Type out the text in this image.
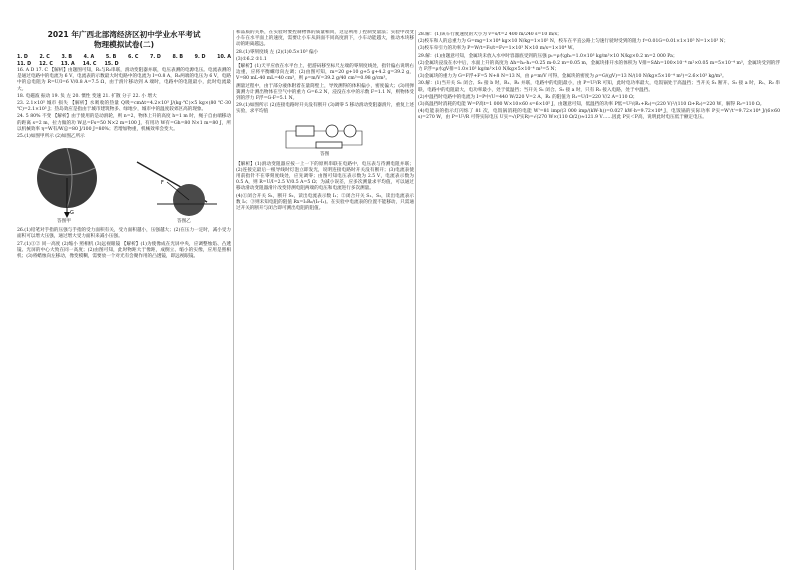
2021 年广西北部湾经济区初中学业水平考试
物理模拟试卷(二)
1. D 2. C 3. B 4. A 5. B 6. C 7. D 8. B 9. D 10. A
11. D 12. C 13. A 14. C 15. D

16. A D 17. C 【解析】由题图可知，R₁与R₂串联，滑动变阻器并联，电压表测的电源电压。电流表测的是通过电路中的电流为 6 V，电流表的示数最大时电路中的电流为 I=0.8 A，R₂两端的电压为 6 V，电路中的总电阻为 R=U/I=6 V/0.8 A=7.5 Ω，由于滑片移动到 A 端时，电路中的电阻最小，此时电流最大。

18. 电磁波 振动 19. 负 左 20. 惯性 变速 21. 扩散 分子 22. 小 增大

23. 2.1×10⁵ 城市 损失 【解析】水吸收的热量 Q吸=cmΔt=4.2×10³ J/(kg·℃)×5 kg×(80 ℃-30 ℃)=2.1×10⁵ J；热岛效应是指由于城市建筑物多、绿地少，城市中的温度较郊区高的现象。

24. 5 80% 不变 【解析】由于使用的是动滑轮，则 n=2，物体上升的高度 h=1 m 时，绳子自由端移动的距离 s=2 m，拉力做的功 W总=Fs=50 N×2 m=100 J，有用功 W有=Gh=80 N×1 m=80 J，所以机械效率 η=W有/W总=80 J/100 J=80%；若增加物重，机械效率会变大。

25.(1)如图甲所示 (2)如图乙所示

G
F
答图甲	答图乙

26.(1)铅笔对手指的压强与手指的受力面积有关，受力面积越小，压强越大；(2)在压力一定时，减小受力面积可以增大压强，通过增大受力面积来减小压强。

27.(1)①② 同一高度 (2)缩小 照相机 (3)远视眼镜 【解析】(1)为使像成在光屏中央，应调整烛焰、凸透镜、光屏的中心大致在同一高度；(2)由图可知，此时物距大于像距，成倒立、缩小的实像，应用是照相机；(3)将蜡烛向左移动，像变模糊，需要放一个对光有会聚作用的凸透镜，即远视眼镜。

和品质的关系，在实验时要控制物体的质量相同，这是利用了控制变量法；实验中改变小车在水平面上的速度，需要让小车从斜面不同高度滑下，小车动能越大，推动木块移动的距离越远。

28.(1)零刻度线 左 (2)(1)0.5×10³ 偏小

(3)①6.2 ②1.1

【解析】(1)天平应放在水平台上，把游码移至标尺左端的零刻度线处，指针偏右说明右边重，应将平衡螺母向左调；(2)由图可知，m=20 g+10 g+5 g+4.2 g=39.2 g，V=80 mL-40 mL=40 cm³，则 ρ=m/V=39.2 g/40 cm³=0.98 g/cm³。

测量过程中，由于部分液体附着在量筒壁上，导致测得的体积偏小，密度偏大；(3)用弹簧测力计测出物体在空气中的重力 G=6.2 N，浸没在水中的示数 F=1.1 N，则物体受到的浮力 F浮=G-F=5.1 N。

29.(1)如图所示 (2)连接电路时开关没有断开 (3)调零 5 移动滑动变阻器滑片，重复上述实验，求平均值

答图

【解析】(1)滑动变阻器应按一上一下的原则串联在电路中，电压表与待测电阻并联；(2)连接完最后一根导线时灯泡立即发光，说明连接电路时开关没有断开；(3)电流表使用前指针不在零刻度线处，应先调零；由图可知电压表示数为 2.5 V，电流表示数为 0.5 A，则 R=U/I=2.5 V/0.5 A=5 Ω；为减小误差，应多次测量求平均值，可以通过移动滑动变阻器滑片改变待测电阻两端的电压和电流进行多次测量。

(4)①闭合开关 S₁，断开 S₂，读出电流表示数 I₁；②闭合开关 S₁、S₂，读出电流表示数 I₂；③则未知电阻的阻值 Rx=I₁R₀/(I₂-I₁)。在实验中电流表的位置不能移动，只需通过开关的断开与闭合即可测出电阻的阻值。

28.解：(1)该车行驶速度的大小为 v=s/t=2 400 m/240 s=10 m/s；

(2)校车和人的总重力为 G=mg=1×10⁴ kg×10 N/kg=1×10⁵ N，校车在平直公路上匀速行驶时受到的阻力 f=0.01G=0.01×1×10⁵ N=1×10³ N；

(3)校车牵引力的功率为 P=W/t=Fs/t=Fv=1×10³ N×10 m/s=1×10⁴ W。

29.解：(1)由题意可知，金属块未放入水中时容器底受到的压强 p₁=ρ水gh₁=1.0×10³ kg/m³×10 N/kg×0.2 m=2 000 Pa；

(2)金属块浸没在水中后，水面上升的高度为 Δh=h₂-h₁=0.25 m-0.2 m=0.05 m，金属块排开水的体积为 V排=SΔh=100×10⁻⁴ m²×0.05 m=5×10⁻⁴ m³，金属块受到的浮力 F浮=ρ水gV排=1.0×10³ kg/m³×10 N/kg×5×10⁻⁴ m³=5 N；

(3)金属块的重力为 G=F浮+F=5 N+8 N=13 N，由 ρ=m/V 可得，金属块的密度为 ρ=G/(gV)=13 N/(10 N/kg×5×10⁻⁴ m³)=2.6×10³ kg/m³。

30.解：(1)当开关 S₁ 闭合、S₂ 接 b 时，R₁、R₂ 并联，电路中的电阻最小，由 P=U²/R 可知，此时电功率最大，电饭锅处于高温挡；当开关 S₁ 断开、S₂ 接 a 时，R₁、R₂ 串联，电路中的电阻最大，电功率最小，处于低温挡；当开关 S₁ 闭合、S₂ 接 a 时，只有 R₁ 接入电路，处于中温挡。

(2)中温挡时电路中的电流为 I=P中/U=440 W/220 V=2 A，R₁ 的阻值为 R₁=U/I=220 V/2 A=110 Ω；

(3)高温挡时消耗的电能 W=P高t=1 000 W×10×60 s=6×10⁵ J，由题意可知，低温挡的功率 P低=U²/(R₁+R₂)=(220 V)²/(110 Ω+R₂)=220 W，解得 R₂=110 Ω。

(4)电能表的指示灯闪烁了 81 次，电饭锅消耗的电能 W'=81 imp/(3 000 imp/(kW·h))=0.027 kW·h=9.72×10⁴ J，电饭锅的实际功率 P实=W'/t'=9.72×10⁴ J/(6×60 s)=270 W，由 P=U²/R 可得实际电压 U实=√(P实R)=√(270 W×(110 Ω/2))≈121.9 V……因此 P实＜P高，说明此时电压低于额定电压。
